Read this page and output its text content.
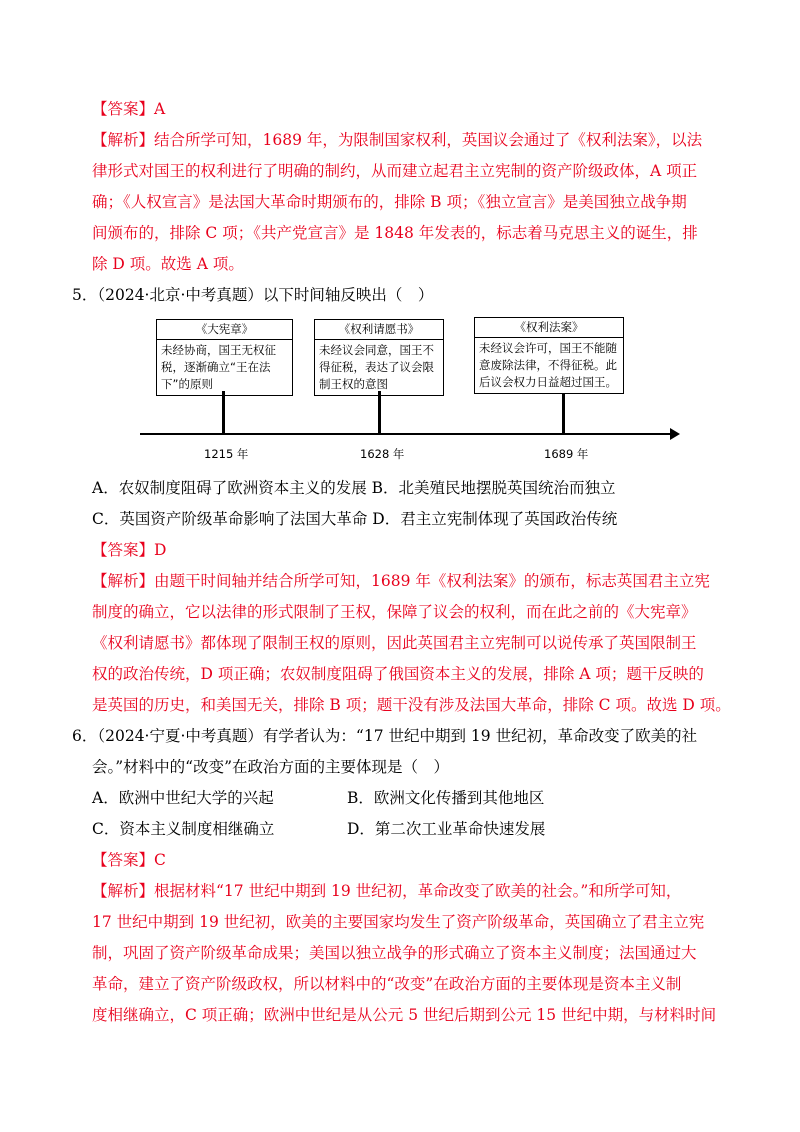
【答案】A
【解析】结合所学可知，1689 年，为限制国家权利，英国议会通过了《权利法案》，以法
律形式对国王的权利进行了明确的制约，从而建立起君主立宪制的资产阶级政体，A 项正
确；《人权宣言》是法国大革命时期颁布的，排除 B 项；《独立宣言》是美国独立战争期
间颁布的，排除 C 项；《共产党宣言》是 1848 年发表的，标志着马克思主义的诞生，排
除 D 项。故选 A 项。
5．（2024·北京·中考真题）以下时间轴反映出（　）
《大宪章》
未经协商，国王无权征税，逐渐确立“王在法下”的原则
1215 年
《权利请愿书》
未经议会同意，国王不得征税，表达了议会限制王权的意图
1628 年
《权利法案》
未经议会许可，国王不能随意废除法律，不得征税。此后议会权力日益超过国王。
1689 年
A．农奴制度阻碍了欧洲资本主义的发展 B．北美殖民地摆脱英国统治而独立
C．英国资产阶级革命影响了法国大革命 D．君主立宪制体现了英国政治传统
【答案】D
【解析】由题干时间轴并结合所学可知，1689 年《权利法案》的颁布，标志英国君主立宪
制度的确立，它以法律的形式限制了王权，保障了议会的权利，而在此之前的《大宪章》
《权利请愿书》都体现了限制王权的原则，因此英国君主立宪制可以说传承了英国限制王
权的政治传统，D 项正确；农奴制度阻碍了俄国资本主义的发展，排除 A 项；题干反映的
是英国的历史，和美国无关，排除 B 项；题干没有涉及法国大革命，排除 C 项。故选 D 项。
6．（2024·宁夏·中考真题）有学者认为：“17 世纪中期到 19 世纪初，革命改变了欧美的社
会。”材料中的“改变”在政治方面的主要体现是（　）
A．欧洲中世纪大学的兴起	B．欧洲文化传播到其他地区
C．资本主义制度相继确立	D．第二次工业革命快速发展
【答案】C
【解析】根据材料“17 世纪中期到 19 世纪初，革命改变了欧美的社会。”和所学可知，
17 世纪中期到 19 世纪初，欧美的主要国家均发生了资产阶级革命，英国确立了君主立宪
制，巩固了资产阶级革命成果；美国以独立战争的形式确立了资本主义制度；法国通过大
革命，建立了资产阶级政权，所以材料中的“改变”在政治方面的主要体现是资本主义制
度相继确立，C 项正确；欧洲中世纪是从公元 5 世纪后期到公元 15 世纪中期，与材料时间
